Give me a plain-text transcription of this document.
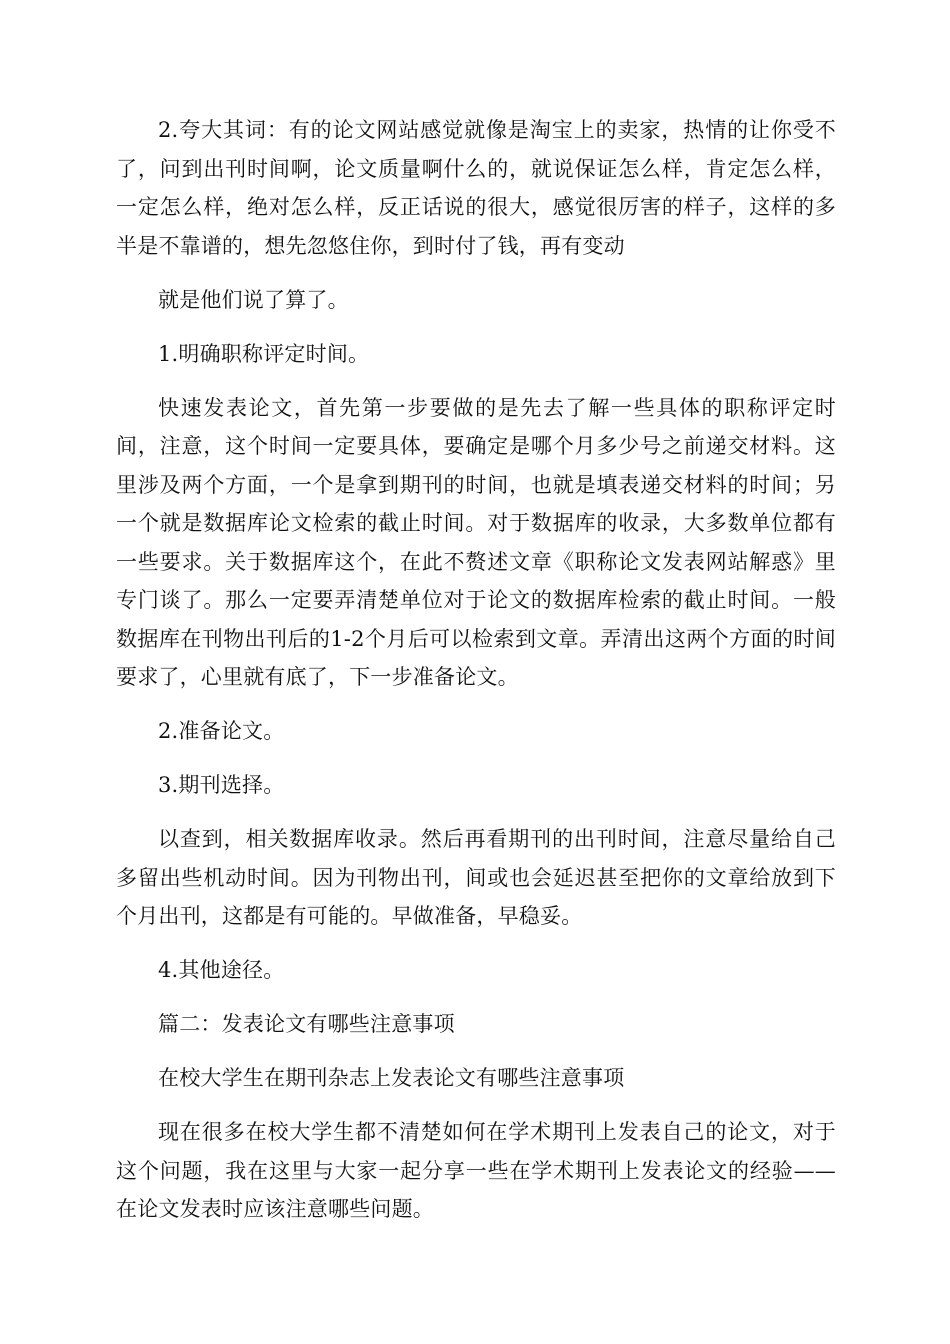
2.夸大其词：有的论文网站感觉就像是淘宝上的卖家，热情的让你受不了，问到出刊时间啊，论文质量啊什么的，就说保证怎么样，肯定怎么样，一定怎么样，绝对怎么样，反正话说的很大，感觉很厉害的样子，这样的多半是不靠谱的，想先忽悠住你，到时付了钱，再有变动

就是他们说了算了。

1.明确职称评定时间。

快速发表论文，首先第一步要做的是先去了解一些具体的职称评定时间，注意，这个时间一定要具体，要确定是哪个月多少号之前递交材料。这里涉及两个方面，一个是拿到期刊的时间，也就是填表递交材料的时间；另一个就是数据库论文检索的截止时间。对于数据库的收录，大多数单位都有一些要求。关于数据库这个，在此不赘述文章《职称论文发表网站解惑》里专门谈了。那么一定要弄清楚单位对于论文的数据库检索的截止时间。一般数据库在刊物出刊后的1-2个月后可以检索到文章。弄清出这两个方面的时间要求了，心里就有底了，下一步准备论文。

2.准备论文。

3.期刊选择。

以查到，相关数据库收录。然后再看期刊的出刊时间，注意尽量给自己多留出些机动时间。因为刊物出刊，间或也会延迟甚至把你的文章给放到下个月出刊，这都是有可能的。早做准备，早稳妥。

4.其他途径。

篇二：发表论文有哪些注意事项

在校大学生在期刊杂志上发表论文有哪些注意事项

现在很多在校大学生都不清楚如何在学术期刊上发表自己的论文，对于这个问题，我在这里与大家一起分享一些在学术期刊上发表论文的经验——在论文发表时应该注意哪些问题。
